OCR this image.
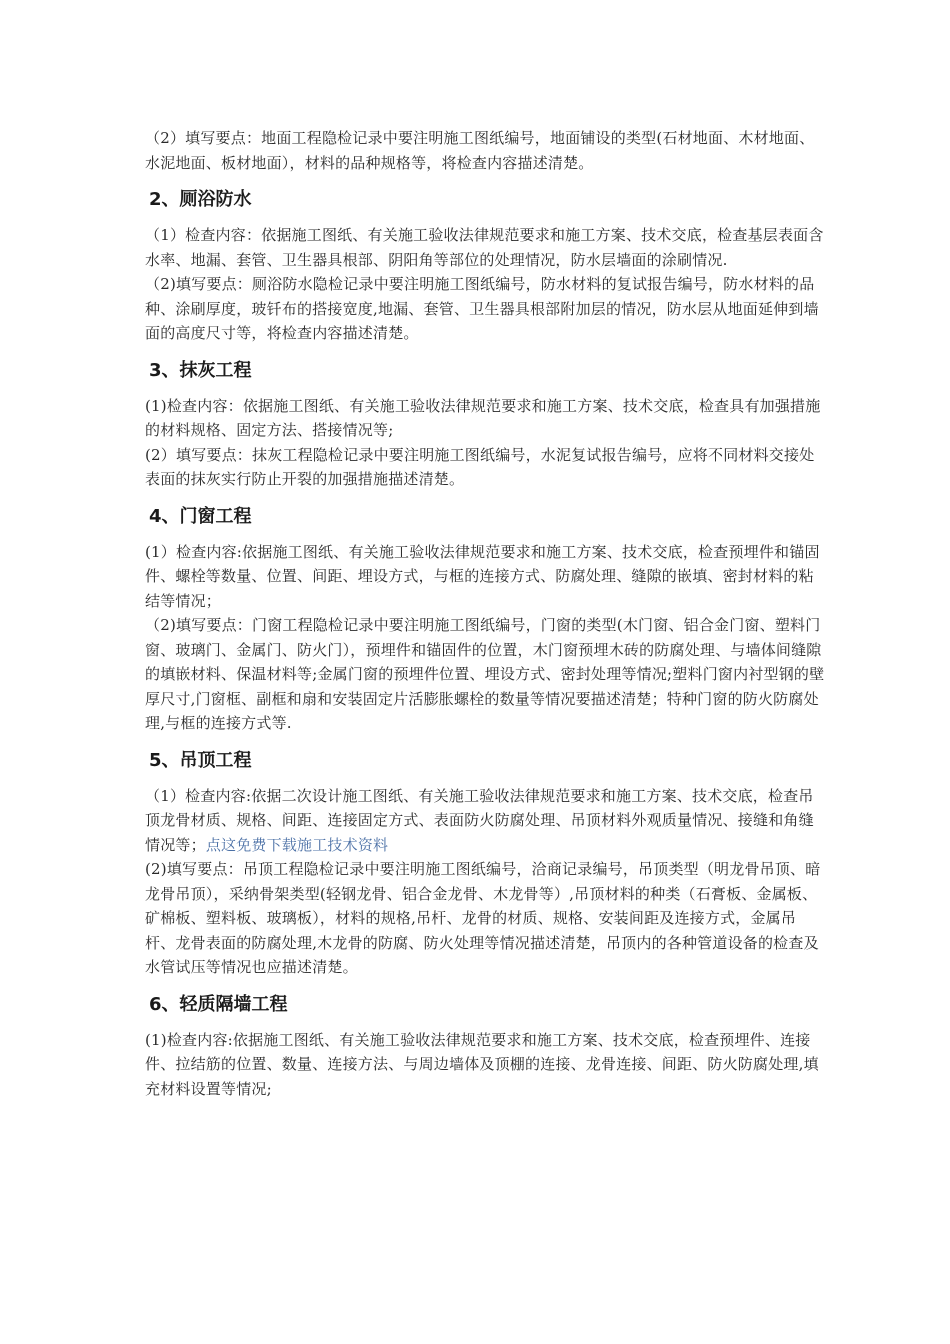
（2）填写要点：地面工程隐检记录中要注明施工图纸编号，地面铺设的类型(石材地面、木材地面、水泥地面、板材地面），材料的品种规格等，将检查内容描述清楚。

2、厕浴防水

（1）检查内容：依据施工图纸、有关施工验收法律规范要求和施工方案、技术交底，检查基层表面含水率、地漏、套管、卫生器具根部、阴阳角等部位的处理情况，防水层墙面的涂刷情况.

（2)填写要点：厕浴防水隐检记录中要注明施工图纸编号，防水材料的复试报告编号，防水材料的品种、涂刷厚度，玻钎布的搭接宽度,地漏、套管、卫生器具根部附加层的情况，防水层从地面延伸到墙面的高度尺寸等，将检查内容描述清楚。

3、抹灰工程

(1)检查内容：依据施工图纸、有关施工验收法律规范要求和施工方案、技术交底，检查具有加强措施的材料规格、固定方法、搭接情况等;

(2）填写要点：抹灰工程隐检记录中要注明施工图纸编号，水泥复试报告编号，应将不同材料交接处表面的抹灰实行防止开裂的加强措施描述清楚。

4、门窗工程

(1）检查内容:依据施工图纸、有关施工验收法律规范要求和施工方案、技术交底，检查预埋件和锚固件、螺栓等数量、位置、间距、埋设方式，与框的连接方式、防腐处理、缝隙的嵌填、密封材料的粘结等情况；

（2)填写要点：门窗工程隐检记录中要注明施工图纸编号，门窗的类型(木门窗、铝合金门窗、塑料门窗、玻璃门、金属门、防火门），预埋件和锚固件的位置，木门窗预埋木砖的防腐处理、与墙体间缝隙的填嵌材料、保温材料等;金属门窗的预埋件位置、埋设方式、密封处理等情况;塑料门窗内衬型钢的壁厚尺寸,门窗框、副框和扇和安装固定片活膨胀螺栓的数量等情况要描述清楚；特种门窗的防火防腐处理,与框的连接方式等.

5、吊顶工程

（1）检查内容:依据二次设计施工图纸、有关施工验收法律规范要求和施工方案、技术交底，检查吊顶龙骨材质、规格、间距、连接固定方式、表面防火防腐处理、吊顶材料外观质量情况、接缝和角缝情况等；点这免费下载施工技术资料

(2)填写要点：吊顶工程隐检记录中要注明施工图纸编号，洽商记录编号，吊顶类型（明龙骨吊顶、暗龙骨吊顶），采纳骨架类型(轻钢龙骨、铝合金龙骨、木龙骨等）,吊顶材料的种类（石膏板、金属板、矿棉板、塑料板、玻璃板），材料的规格,吊杆、龙骨的材质、规格、安装间距及连接方式，金属吊杆、龙骨表面的防腐处理,木龙骨的防腐、防火处理等情况描述清楚，吊顶内的各种管道设备的检查及水管试压等情况也应描述清楚。

6、轻质隔墙工程

(1)检查内容:依据施工图纸、有关施工验收法律规范要求和施工方案、技术交底，检查预埋件、连接件、拉结筋的位置、数量、连接方法、与周边墙体及顶棚的连接、龙骨连接、间距、防火防腐处理,填充材料设置等情况;
